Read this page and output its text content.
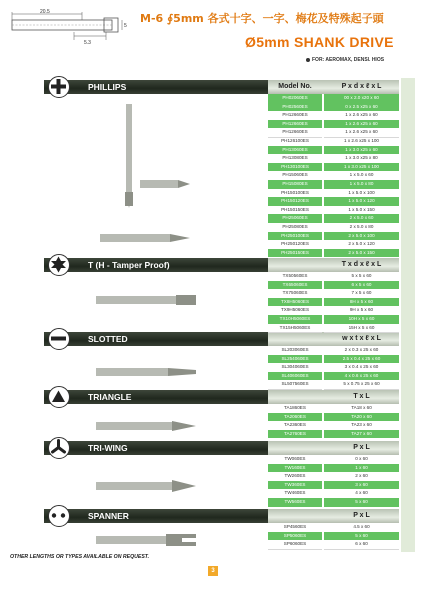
20.5
5.3
5
M-6 ∮5mm 各式十字、一字、梅花及特殊起子頭
Ø5mm SHANK DRIVE
FOR: AEROMAX, DENSI. HIOS
PHILLIPS	Model No.	P x d x ℓ x L
T (H - Tamper Proof)	T x d x ℓ x L
SLOTTED	w x t x ℓ x L
TRIANGLE	T x L
TRI-WING	P x L
SPANNER	P x L
PH02060ES	00 x 2.0 x20 x 60
PH02560ES	0 x 2.5 x25 x 60
PH12660ES	1 x 2.6 x25 x 60
PH12660ES	1 x 2.6 x25 x 60
PH12660ES	1 x 2.6 x25 x 60
PH126100ES	1 x 2.6 x25 x 100
PH13060ES	1 x 3.0 x25 x 60
PH13080ES	1 x 3.0 x25 x 80
PH130100ES	1 x 3.0 x25 x 100
PH15060ES	1 x 5.0 x 60
PH15080ES	1 x 5.0 x 80
PH150100ES	1 x 5.0 x 100
PH150120ES	1 x 5.0 x 120
PH150150ES	1 x 5.0 x 150
PH25060ES	2 x 5.0 x 60
PH25080ES	2 x 5.0 x 80
PH250100ES	2 x 5.0 x 100
PH250120ES	2 x 5.0 x 120
PH250150ES	2 x 5.0 x 150
TX50560ES	5 x 5 x 60
TX65060ES	6 x 5 x 60
TX75060ES	7 x 5 x 60
TX8H5060ES	8H x 5 x 60
TX9H5060ES	9H x 5 x 60
TX10H5060ES	10H x 5 x 60
TX15H5060ES	15H x 5 x 60
SL203060ES	2 x 0.3 x 25 x 60
SL254060ES	2.5 x 0.4 x 25 x 60
SL304060ES	3 x 0.4 x 25 x 60
SL406060ES	4 x 0.6 x 25 x 60
SL507560ES	5 x 0.75 x 25 x 60
TA1860ES	TA18 x 60
TA2060ES	TA20 x 60
TA2360ES	TA23 x 60
TA2760ES	TA27 x 60
TW060ES	0 x 60
TW160ES	1 x 60
TW260ES	2 x 60
TW360ES	3 x 60
TW460ES	4 x 60
TW560ES	5 x 60
SP4560ES	4.5 x 60
SP5060ES	5 x 60
SP6060ES	6 x 60
OTHER LENGTHS OR TYPES AVAILABLE ON REQUEST.
3
